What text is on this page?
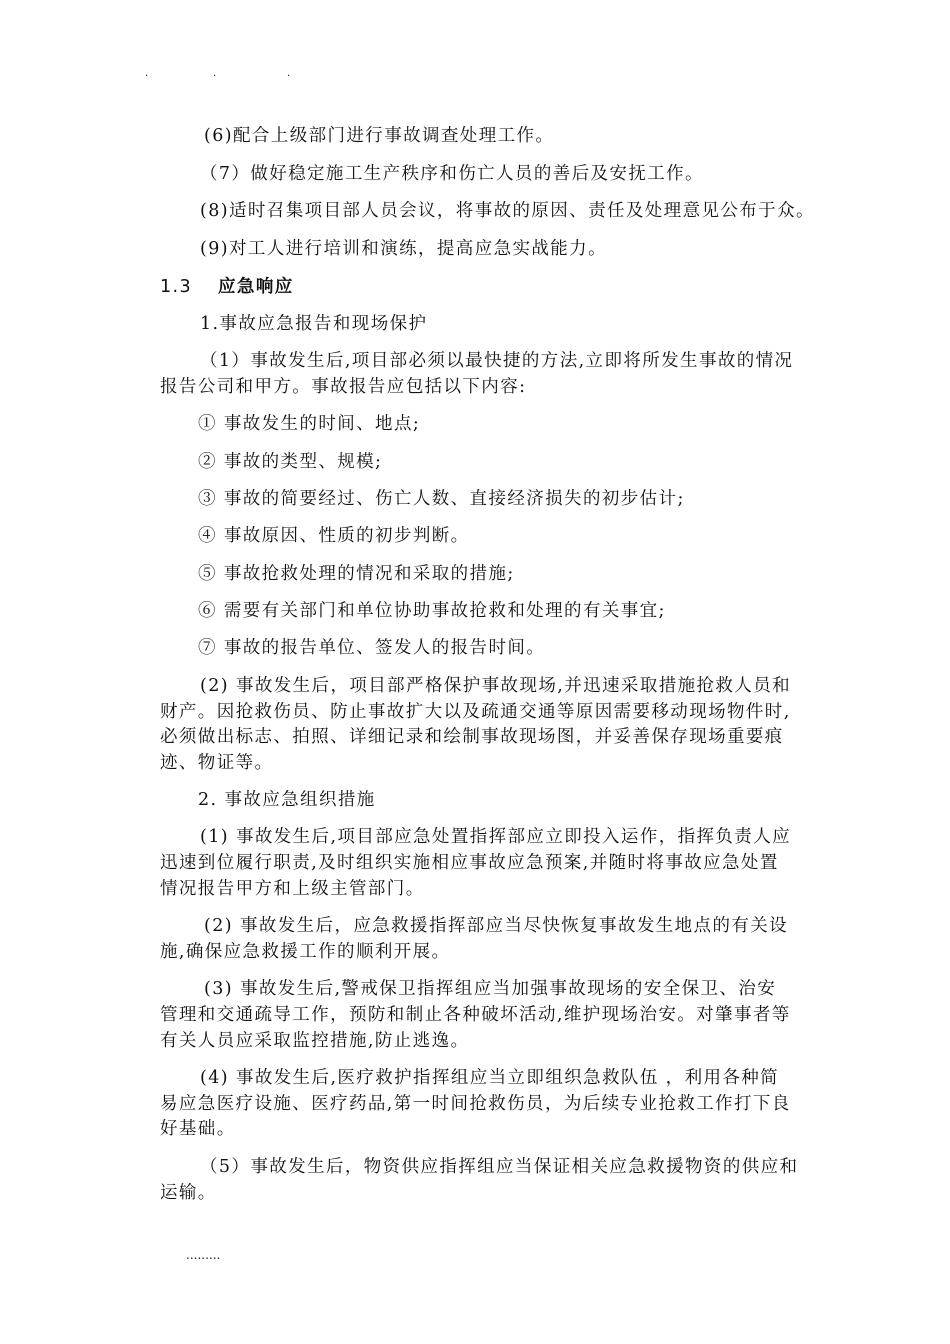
.	.	.
(6)配合上级部门进行事故调查处理工作。
（7）做好稳定施工生产秩序和伤亡人员的善后及安抚工作。
(8)适时召集项目部人员会议，将事故的原因、责任及处理意见公布于众。
(9)对工人进行培训和演练，提高应急实战能力。
1.3 应急响应
1.事故应急报告和现场保护
（1）事故发生后,项目部必须以最快捷的方法,立即将所发生事故的情况
报告公司和甲方。事故报告应包括以下内容:
① 事故发生的时间、地点;
② 事故的类型、规模;
③ 事故的简要经过、伤亡人数、直接经济损失的初步估计;
④ 事故原因、性质的初步判断。
⑤ 事故抢救处理的情况和采取的措施;
⑥ 需要有关部门和单位协助事故抢救和处理的有关事宜;
⑦ 事故的报告单位、签发人的报告时间。
(2) 事故发生后，项目部严格保护事故现场,并迅速采取措施抢救人员和
财产。因抢救伤员、防止事故扩大以及疏通交通等原因需要移动现场物件时,
必须做出标志、拍照、详细记录和绘制事故现场图，并妥善保存现场重要痕
迹、物证等。
2. 事故应急组织措施
(1) 事故发生后,项目部应急处置指挥部应立即投入运作，指挥负责人应
迅速到位履行职责,及时组织实施相应事故应急预案,并随时将事故应急处置
情况报告甲方和上级主管部门。
(2) 事故发生后，应急救援指挥部应当尽快恢复事故发生地点的有关设
施,确保应急救援工作的顺利开展。
(3) 事故发生后,警戒保卫指挥组应当加强事故现场的安全保卫、治安
管理和交通疏导工作，预防和制止各种破坏活动,维护现场治安。对肇事者等
有关人员应采取监控措施,防止逃逸。
(4) 事故发生后,医疗救护指挥组应当立即组织急救队伍 ，利用各种简
易应急医疗设施、医疗药品,第一时间抢救伤员，为后续专业抢救工作打下良
好基础。
（5）事故发生后，物资供应指挥组应当保证相关应急救援物资的供应和
运输。
.........
